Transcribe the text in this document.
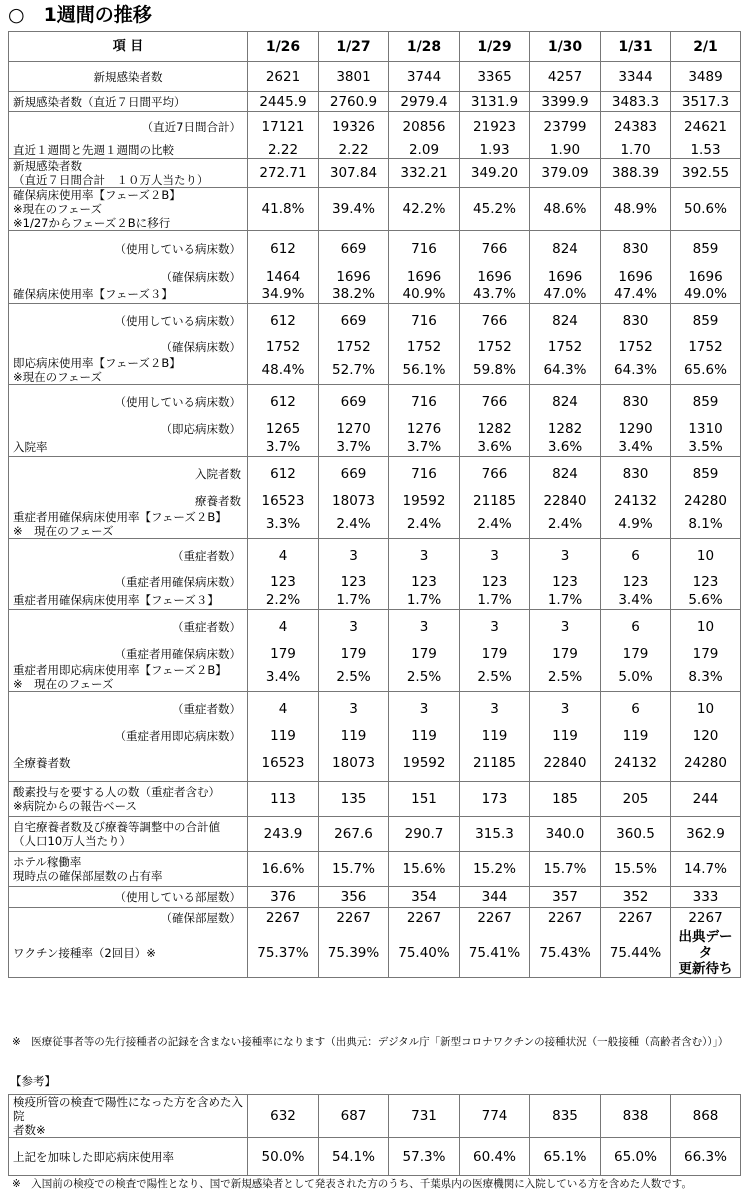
○　1週間の推移
項 目	1/26	1/27	1/28	1/29	1/30	1/31	2/1
新規感染者数	2621	3801	3744	3365	4257	3344	3489
新規感染者数（直近７日間平均）	2445.9	2760.9	2979.4	3131.9	3399.9	3483.3	3517.3
（直近7日間合計）	17121	19326	20856	21923	23799	24383	24621
直近１週間と先週１週間の比較	2.22	2.22	2.09	1.93	1.90	1.70	1.53
新規感染者数
（直近７日間合計　１０万人当たり）	272.71	307.84	332.21	349.20	379.09	388.39	392.55
確保病床使用率【フェーズ２B】
※現在のフェーズ
※1/27からフェーズ２Bに移行	41.8%	39.4%	42.2%	45.2%	48.6%	48.9%	50.6%
（使用している病床数）	612	669	716	766	824	830	859
（確保病床数）	1464	1696	1696	1696	1696	1696	1696
確保病床使用率【フェーズ３】	34.9%	38.2%	40.9%	43.7%	47.0%	47.4%	49.0%
（使用している病床数）	612	669	716	766	824	830	859
（確保病床数）	1752	1752	1752	1752	1752	1752	1752
即応病床使用率【フェーズ２B】
※現在のフェーズ	48.4%	52.7%	56.1%	59.8%	64.3%	64.3%	65.6%
（使用している病床数）	612	669	716	766	824	830	859
（即応病床数）	1265	1270	1276	1282	1282	1290	1310
入院率	3.7%	3.7%	3.7%	3.6%	3.6%	3.4%	3.5%
入院者数	612	669	716	766	824	830	859
療養者数	16523	18073	19592	21185	22840	24132	24280
重症者用確保病床使用率【フェーズ２B】
※　現在のフェーズ	3.3%	2.4%	2.4%	2.4%	2.4%	4.9%	8.1%
（重症者数）	4	3	3	3	3	6	10
（重症者用確保病床数）	123	123	123	123	123	123	123
重症者用確保病床使用率【フェーズ３】	2.2%	1.7%	1.7%	1.7%	1.7%	3.4%	5.6%
（重症者数）	4	3	3	3	3	6	10
（重症者用確保病床数）	179	179	179	179	179	179	179
重症者用即応病床使用率【フェーズ２B】
※　現在のフェーズ	3.4%	2.5%	2.5%	2.5%	2.5%	5.0%	8.3%
（重症者数）	4	3	3	3	3	6	10
（重症者用即応病床数）	119	119	119	119	119	119	120
全療養者数	16523	18073	19592	21185	22840	24132	24280
酸素投与を要する人の数（重症者含む）
※病院からの報告ベース	113	135	151	173	185	205	244
自宅療養者数及び療養等調整中の合計値
（人口10万人当たり）	243.9	267.6	290.7	315.3	340.0	360.5	362.9
ホテル稼働率
現時点の確保部屋数の占有率	16.6%	15.7%	15.6%	15.2%	15.7%	15.5%	14.7%
（使用している部屋数）	376	356	354	344	357	352	333
（確保部屋数）	2267	2267	2267	2267	2267	2267	2267
ワクチン接種率（2回目）※	75.37%	75.39%	75.40%	75.41%	75.43%	75.44%	出典データ
更新待ち
※　医療従事者等の先行接種者の記録を含まない接種率になります（出典元：デジタル庁「新型コロナワクチンの接種状況（一般接種（高齢者含む））」）
【参考】
検疫所管の検査で陽性になった方を含めた入院
者数※	632	687	731	774	835	838	868
上記を加味した即応病床使用率	50.0%	54.1%	57.3%	60.4%	65.1%	65.0%	66.3%
※　入国前の検疫での検査で陽性となり、国で新規感染者として発表された方のうち、千葉県内の医療機関に入院している方を含めた人数です。
